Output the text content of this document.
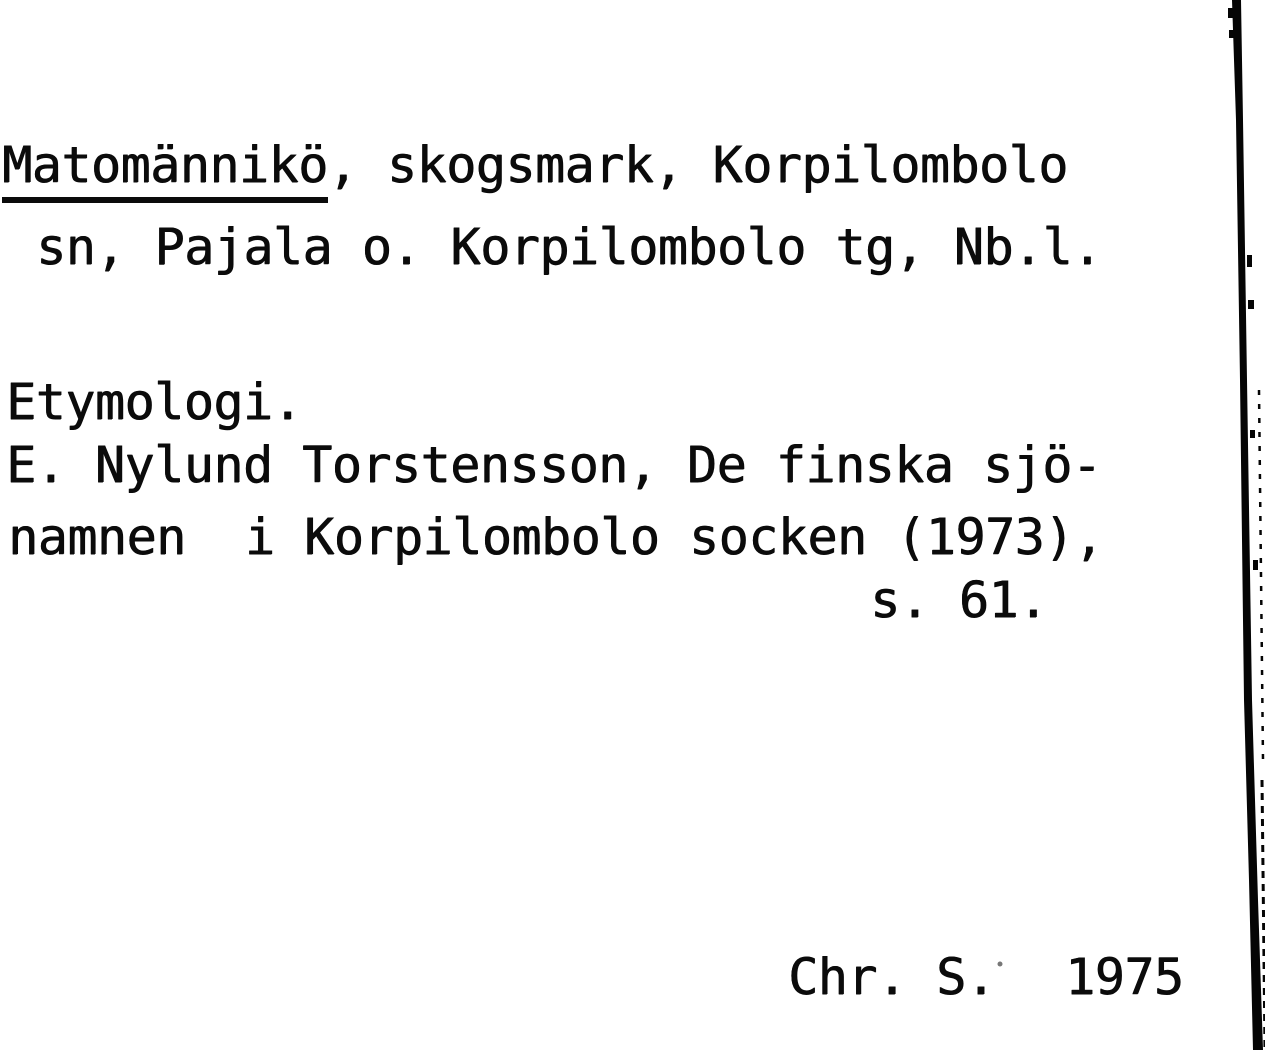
Matomännikö, skogsmark, Korpilombolo
sn, Pajala o. Korpilombolo tg, Nb.l.
Etymologi.
E. Nylund Torstensson, De finska sjö-
namnen  i Korpilombolo socken (1973),
s. 61.
Chr. S. 1975
